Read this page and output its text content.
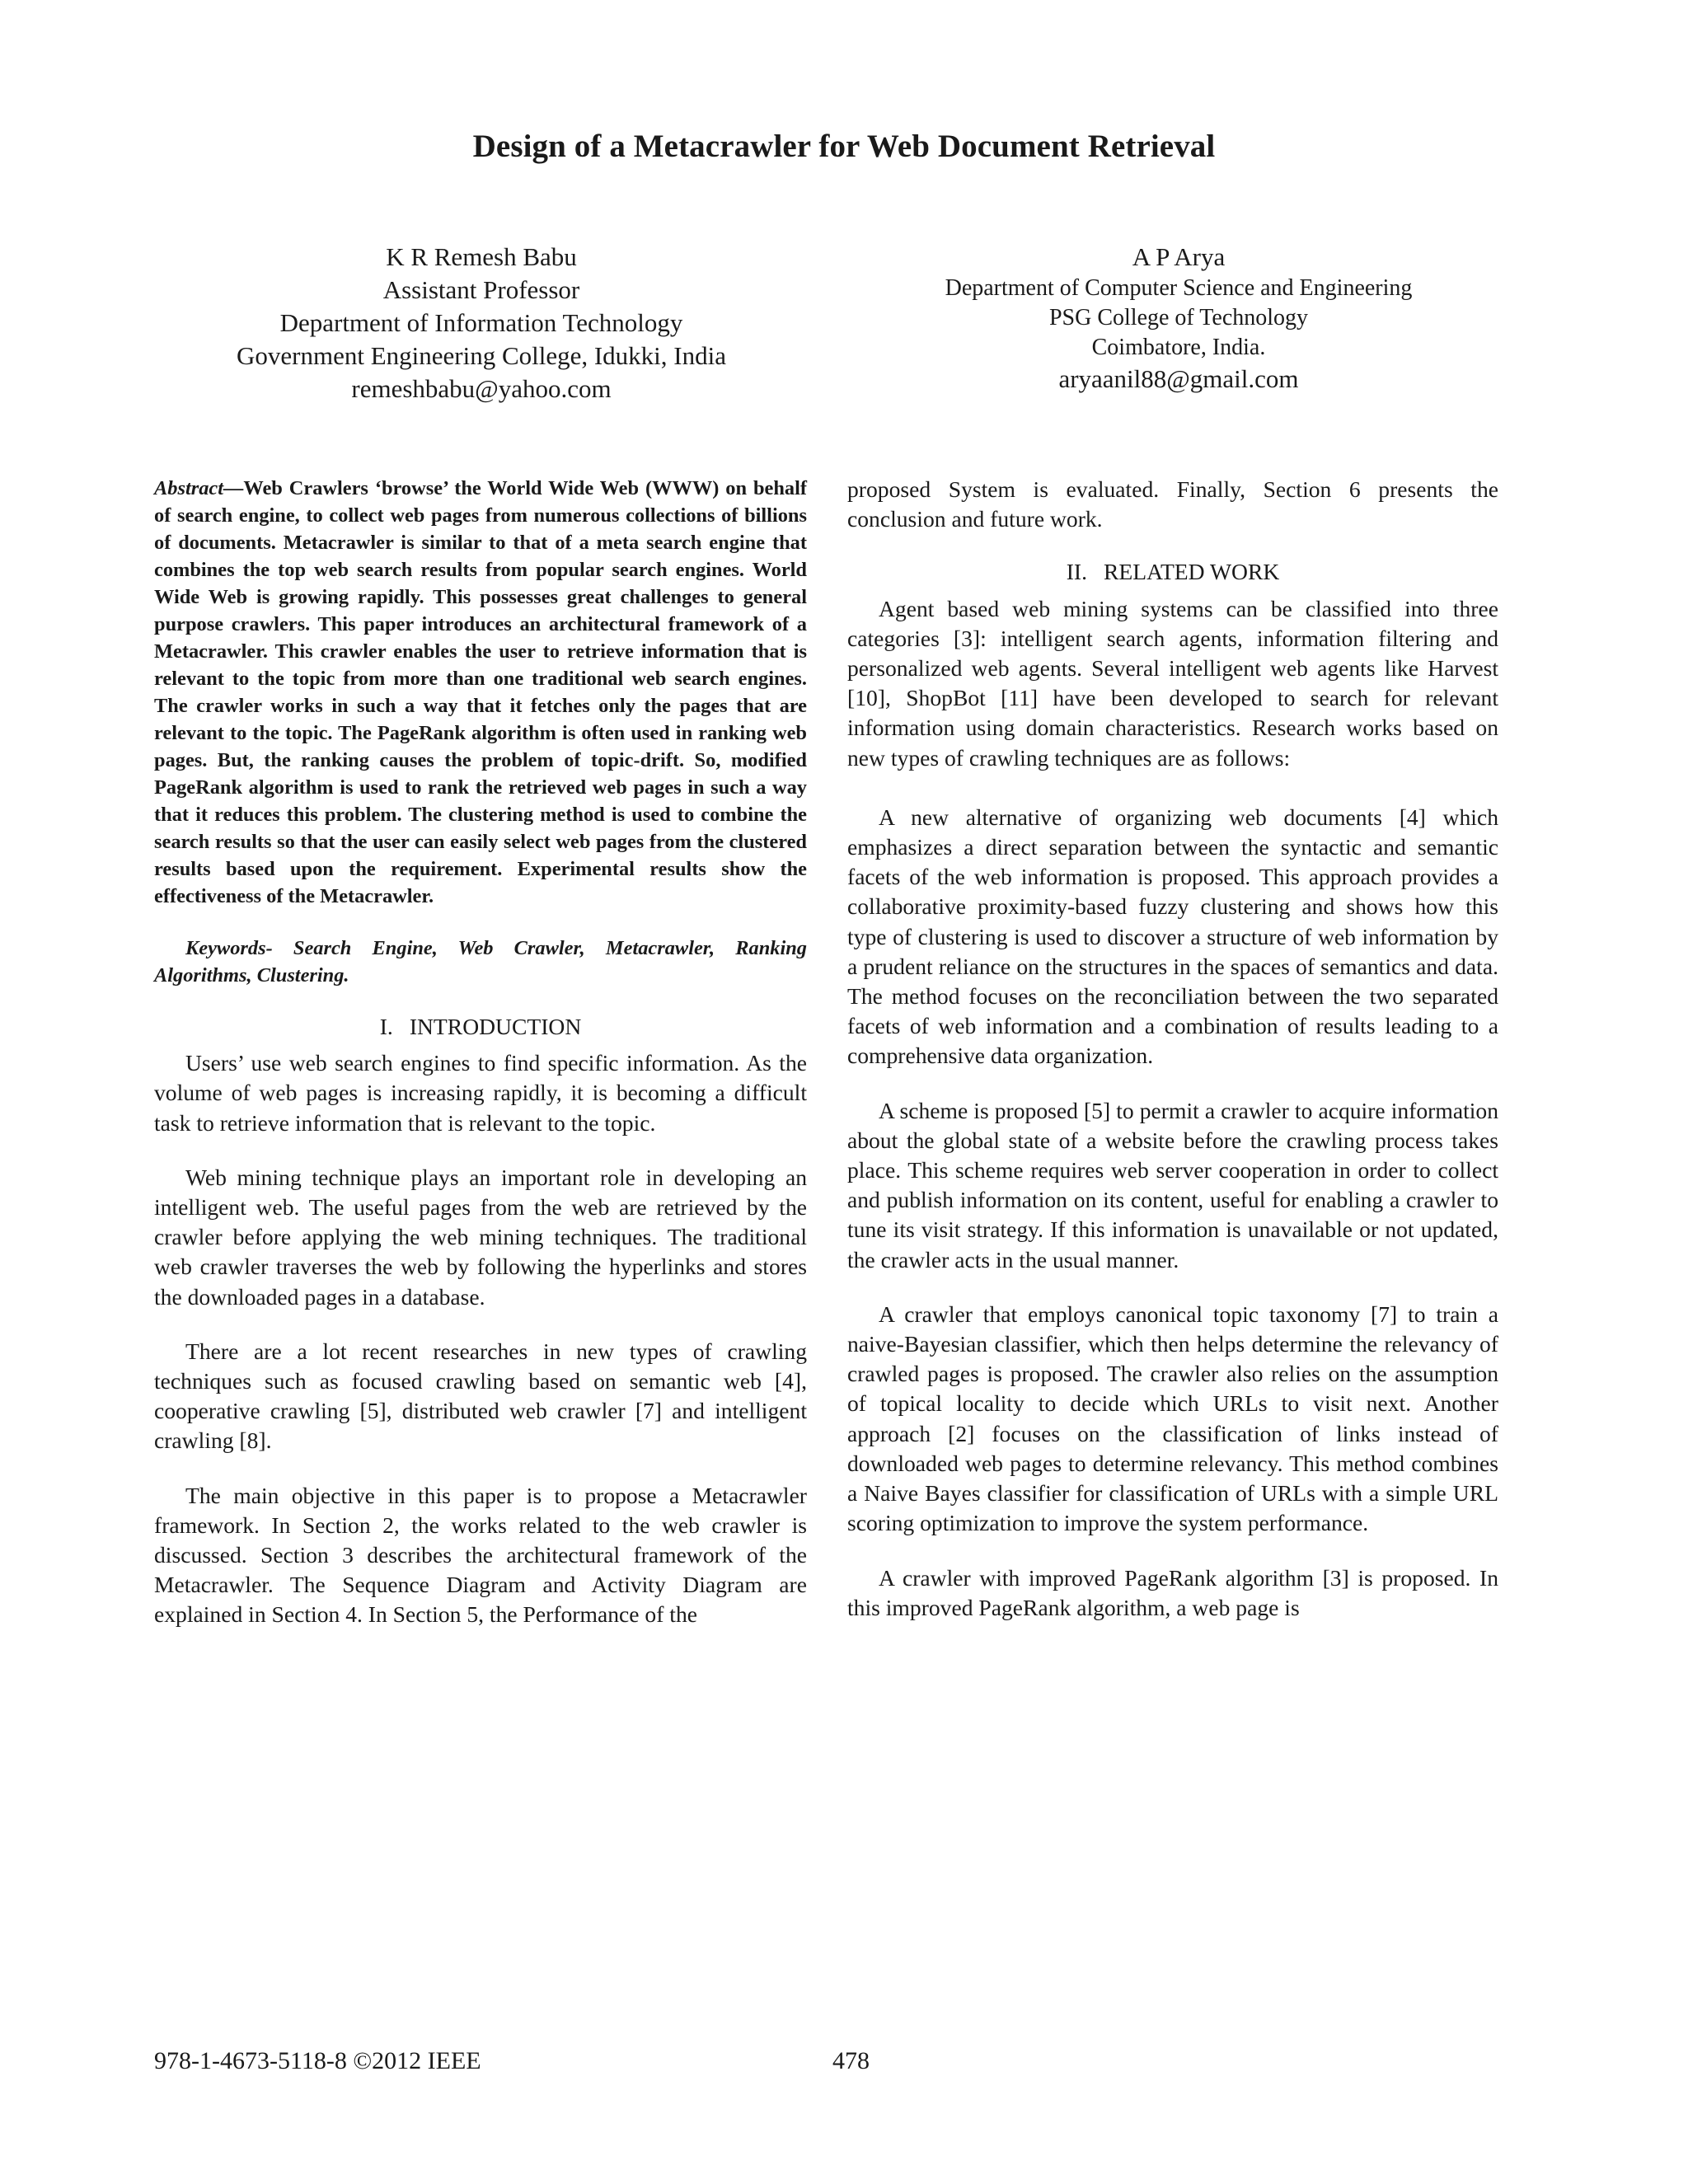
Design of a Metacrawler for Web Document Retrieval
K R Remesh Babu
Assistant Professor
Department of Information Technology
Government Engineering College, Idukki, India
remeshbabu@yahoo.com
A P Arya
Department of Computer Science and Engineering
PSG College of Technology
Coimbatore, India.
aryaanil88@gmail.com

Abstract—Web Crawlers ‘browse’ the World Wide Web (WWW) on behalf of search engine, to collect web pages from numerous collections of billions of documents. Metacrawler is similar to that of a meta search engine that combines the top web search results from popular search engines. World Wide Web is growing rapidly. This possesses great challenges to general purpose crawlers. This paper introduces an architectural framework of a Metacrawler. This crawler enables the user to retrieve information that is relevant to the topic from more than one traditional web search engines. The crawler works in such a way that it fetches only the pages that are relevant to the topic. The PageRank algorithm is often used in ranking web pages. But, the ranking causes the problem of topic-drift. So, modified PageRank algorithm is used to rank the retrieved web pages in such a way that it reduces this problem. The clustering method is used to combine the search results so that the user can easily select web pages from the clustered results based upon the requirement. Experimental results show the effectiveness of the Metacrawler.

Keywords- Search Engine, Web Crawler, Metacrawler, Ranking Algorithms, Clustering.

I. INTRODUCTION

Users’ use web search engines to find specific information. As the volume of web pages is increasing rapidly, it is becoming a difficult task to retrieve information that is relevant to the topic.

Web mining technique plays an important role in developing an intelligent web. The useful pages from the web are retrieved by the crawler before applying the web mining techniques. The traditional web crawler traverses the web by following the hyperlinks and stores the downloaded pages in a database.

There are a lot recent researches in new types of crawling techniques such as focused crawling based on semantic web [4], cooperative crawling [5], distributed web crawler [7] and intelligent crawling [8].

The main objective in this paper is to propose a Metacrawler framework. In Section 2, the works related to the web crawler is discussed. Section 3 describes the architectural framework of the Metacrawler. The Sequence Diagram and Activity Diagram are explained in Section 4. In Section 5, the Performance of the

proposed System is evaluated. Finally, Section 6 presents the conclusion and future work.

II. RELATED WORK

Agent based web mining systems can be classified into three categories [3]: intelligent search agents, information filtering and personalized web agents. Several intelligent web agents like Harvest [10], ShopBot [11] have been developed to search for relevant information using domain characteristics. Research works based on new types of crawling techniques are as follows:

A new alternative of organizing web documents [4] which emphasizes a direct separation between the syntactic and semantic facets of the web information is proposed. This approach provides a collaborative proximity-based fuzzy clustering and shows how this type of clustering is used to discover a structure of web information by a prudent reliance on the structures in the spaces of semantics and data. The method focuses on the reconciliation between the two separated facets of web information and a combination of results leading to a comprehensive data organization.

A scheme is proposed [5] to permit a crawler to acquire information about the global state of a website before the crawling process takes place. This scheme requires web server cooperation in order to collect and publish information on its content, useful for enabling a crawler to tune its visit strategy. If this information is unavailable or not updated, the crawler acts in the usual manner.

A crawler that employs canonical topic taxonomy [7] to train a naive-Bayesian classifier, which then helps determine the relevancy of crawled pages is proposed. The crawler also relies on the assumption of topical locality to decide which URLs to visit next. Another approach [2] focuses on the classification of links instead of downloaded web pages to determine relevancy. This method combines a Naive Bayes classifier for classification of URLs with a simple URL scoring optimization to improve the system performance.

A crawler with improved PageRank algorithm [3] is proposed. In this improved PageRank algorithm, a web page is

978-1-4673-5118-8 ©2012 IEEE	478
